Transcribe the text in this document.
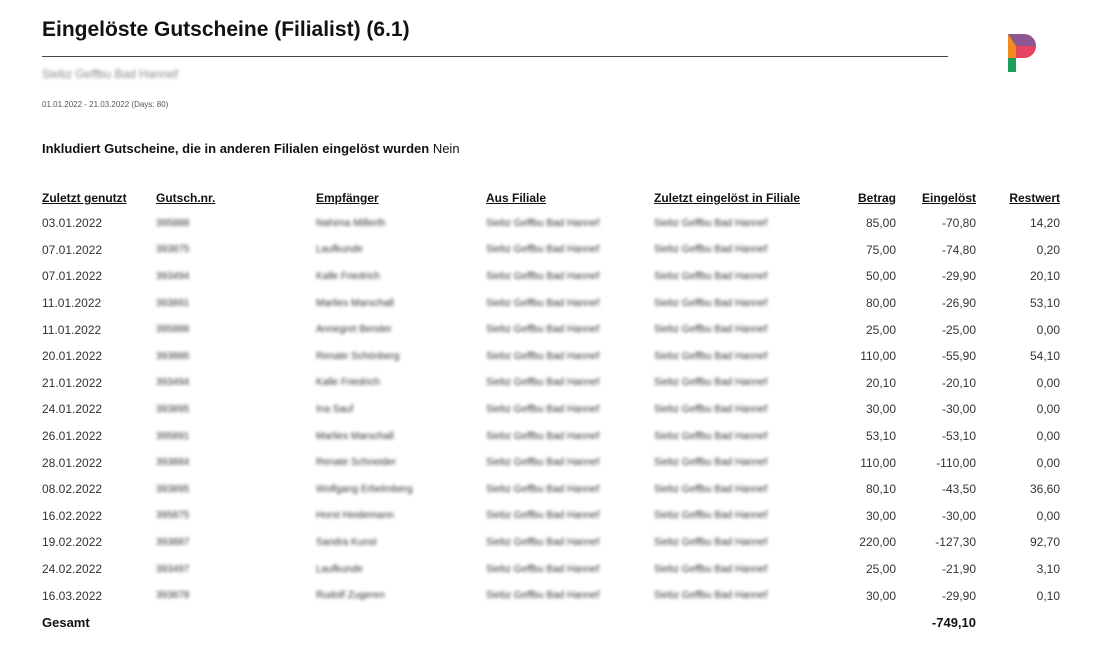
Eingelöste Gutscheine (Filialist) (6.1)
Siebz Geffbu Bad Hannef
01.01.2022 - 21.03.2022 (Days: 80)
Inkludiert Gutscheine, die in anderen Filialen eingelöst wurden Nein
Zuletzt genutzt	Gutsch.nr.	Empfänger	Aus Filiale	Zuletzt eingelöst in Filiale	Betrag	Eingelöst	Restwert
03.01.2022	395888	Nahima Millerth	Siebz Geffbu Bad Hannef	Siebz Geffbu Bad Hannef	85,00	-70,80	14,20
07.01.2022	393875	Laufkunde	Siebz Geffbu Bad Hannef	Siebz Geffbu Bad Hannef	75,00	-74,80	0,20
07.01.2022	393494	Kalle Friedrich	Siebz Geffbu Bad Hannef	Siebz Geffbu Bad Hannef	50,00	-29,90	20,10
11.01.2022	393891	Marlies Marschall	Siebz Geffbu Bad Hannef	Siebz Geffbu Bad Hannef	80,00	-26,90	53,10
11.01.2022	395888	Annegret Bender	Siebz Geffbu Bad Hannef	Siebz Geffbu Bad Hannef	25,00	-25,00	0,00
20.01.2022	393886	Renate Schönberg	Siebz Geffbu Bad Hannef	Siebz Geffbu Bad Hannef	110,00	-55,90	54,10
21.01.2022	393494	Kalle Friedrich	Siebz Geffbu Bad Hannef	Siebz Geffbu Bad Hannef	20,10	-20,10	0,00
24.01.2022	393895	Ina Sauf	Siebz Geffbu Bad Hannef	Siebz Geffbu Bad Hannef	30,00	-30,00	0,00
26.01.2022	395891	Marlies Marschall	Siebz Geffbu Bad Hannef	Siebz Geffbu Bad Hannef	53,10	-53,10	0,00
28.01.2022	393884	Renate Schneider	Siebz Geffbu Bad Hannef	Siebz Geffbu Bad Hannef	110,00	-110,00	0,00
08.02.2022	393895	Wolfgang Erbelmberg	Siebz Geffbu Bad Hannef	Siebz Geffbu Bad Hannef	80,10	-43,50	36,60
16.02.2022	395875	Horst Heidemann	Siebz Geffbu Bad Hannef	Siebz Geffbu Bad Hannef	30,00	-30,00	0,00
19.02.2022	393887	Sandra Kunst	Siebz Geffbu Bad Hannef	Siebz Geffbu Bad Hannef	220,00	-127,30	92,70
24.02.2022	393497	Laufkunde	Siebz Geffbu Bad Hannef	Siebz Geffbu Bad Hannef	25,00	-21,90	3,10
16.03.2022	393878	Rudolf Zugeren	Siebz Geffbu Bad Hannef	Siebz Geffbu Bad Hannef	30,00	-29,90	0,10
Gesamt						-749,10	
